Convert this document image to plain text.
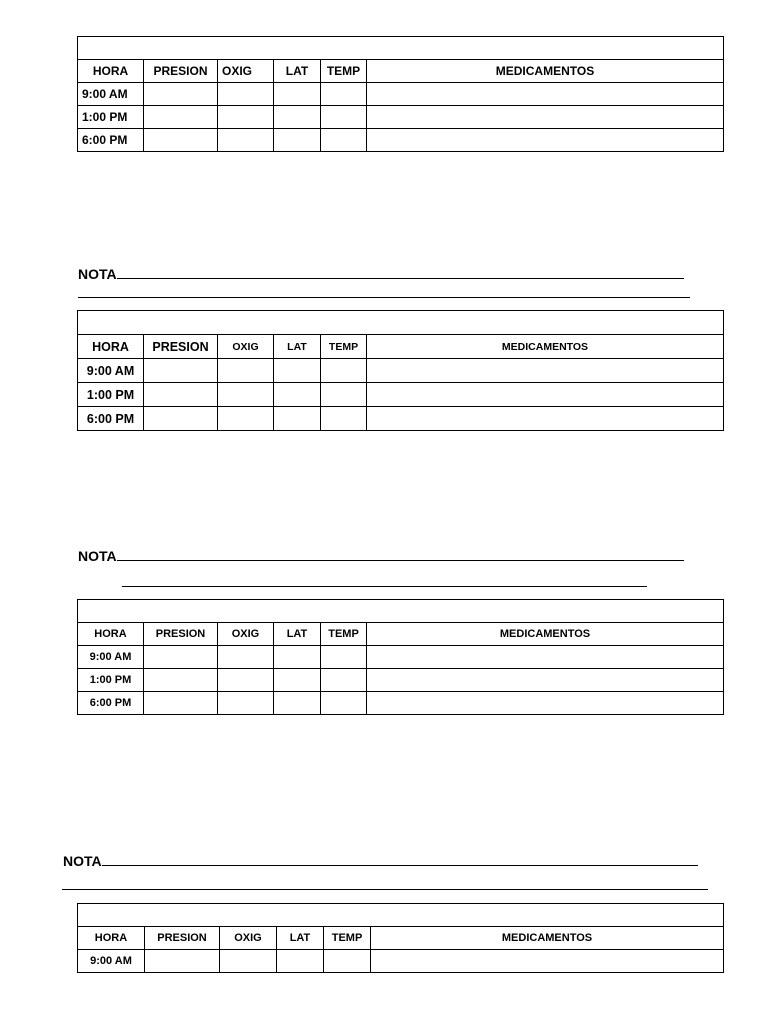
HORA	PRESION	OXIG	LAT	TEMP	MEDICAMENTOS
9:00 AM					
1:00 PM					
6:00 PM					
NOTA

HORA	PRESION	OXIG	LAT	TEMP	MEDICAMENTOS
9:00 AM					
1:00 PM					
6:00 PM					
NOTA

HORA	PRESION	OXIG	LAT	TEMP	MEDICAMENTOS
9:00 AM					
1:00 PM					
6:00 PM					
NOTA

HORA	PRESION	OXIG	LAT	TEMP	MEDICAMENTOS
9:00 AM					
